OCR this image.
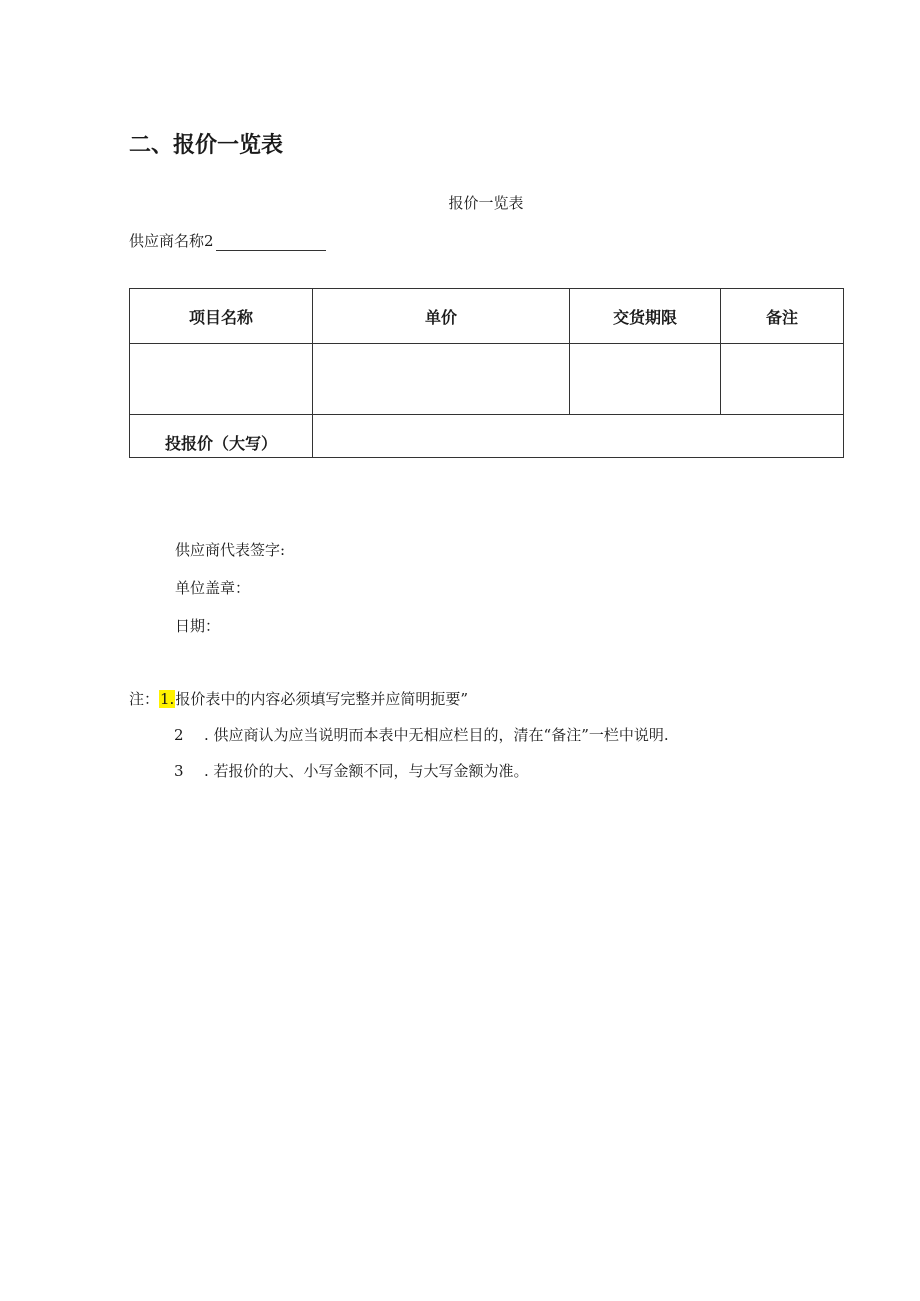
二、报价一览表
报价一览表
供应商名称2
项目名称	单价	交货期限	备注

投报价（大写）			
供应商代表签字:
单位盖章：
日期：
注：1.报价表中的内容必须填写完整并应简明扼要”
2 . 供应商认为应当说明而本表中无相应栏目的，清在“备注”一栏中说明.
3 . 若报价的大、小写金额不同，与大写金额为准。
